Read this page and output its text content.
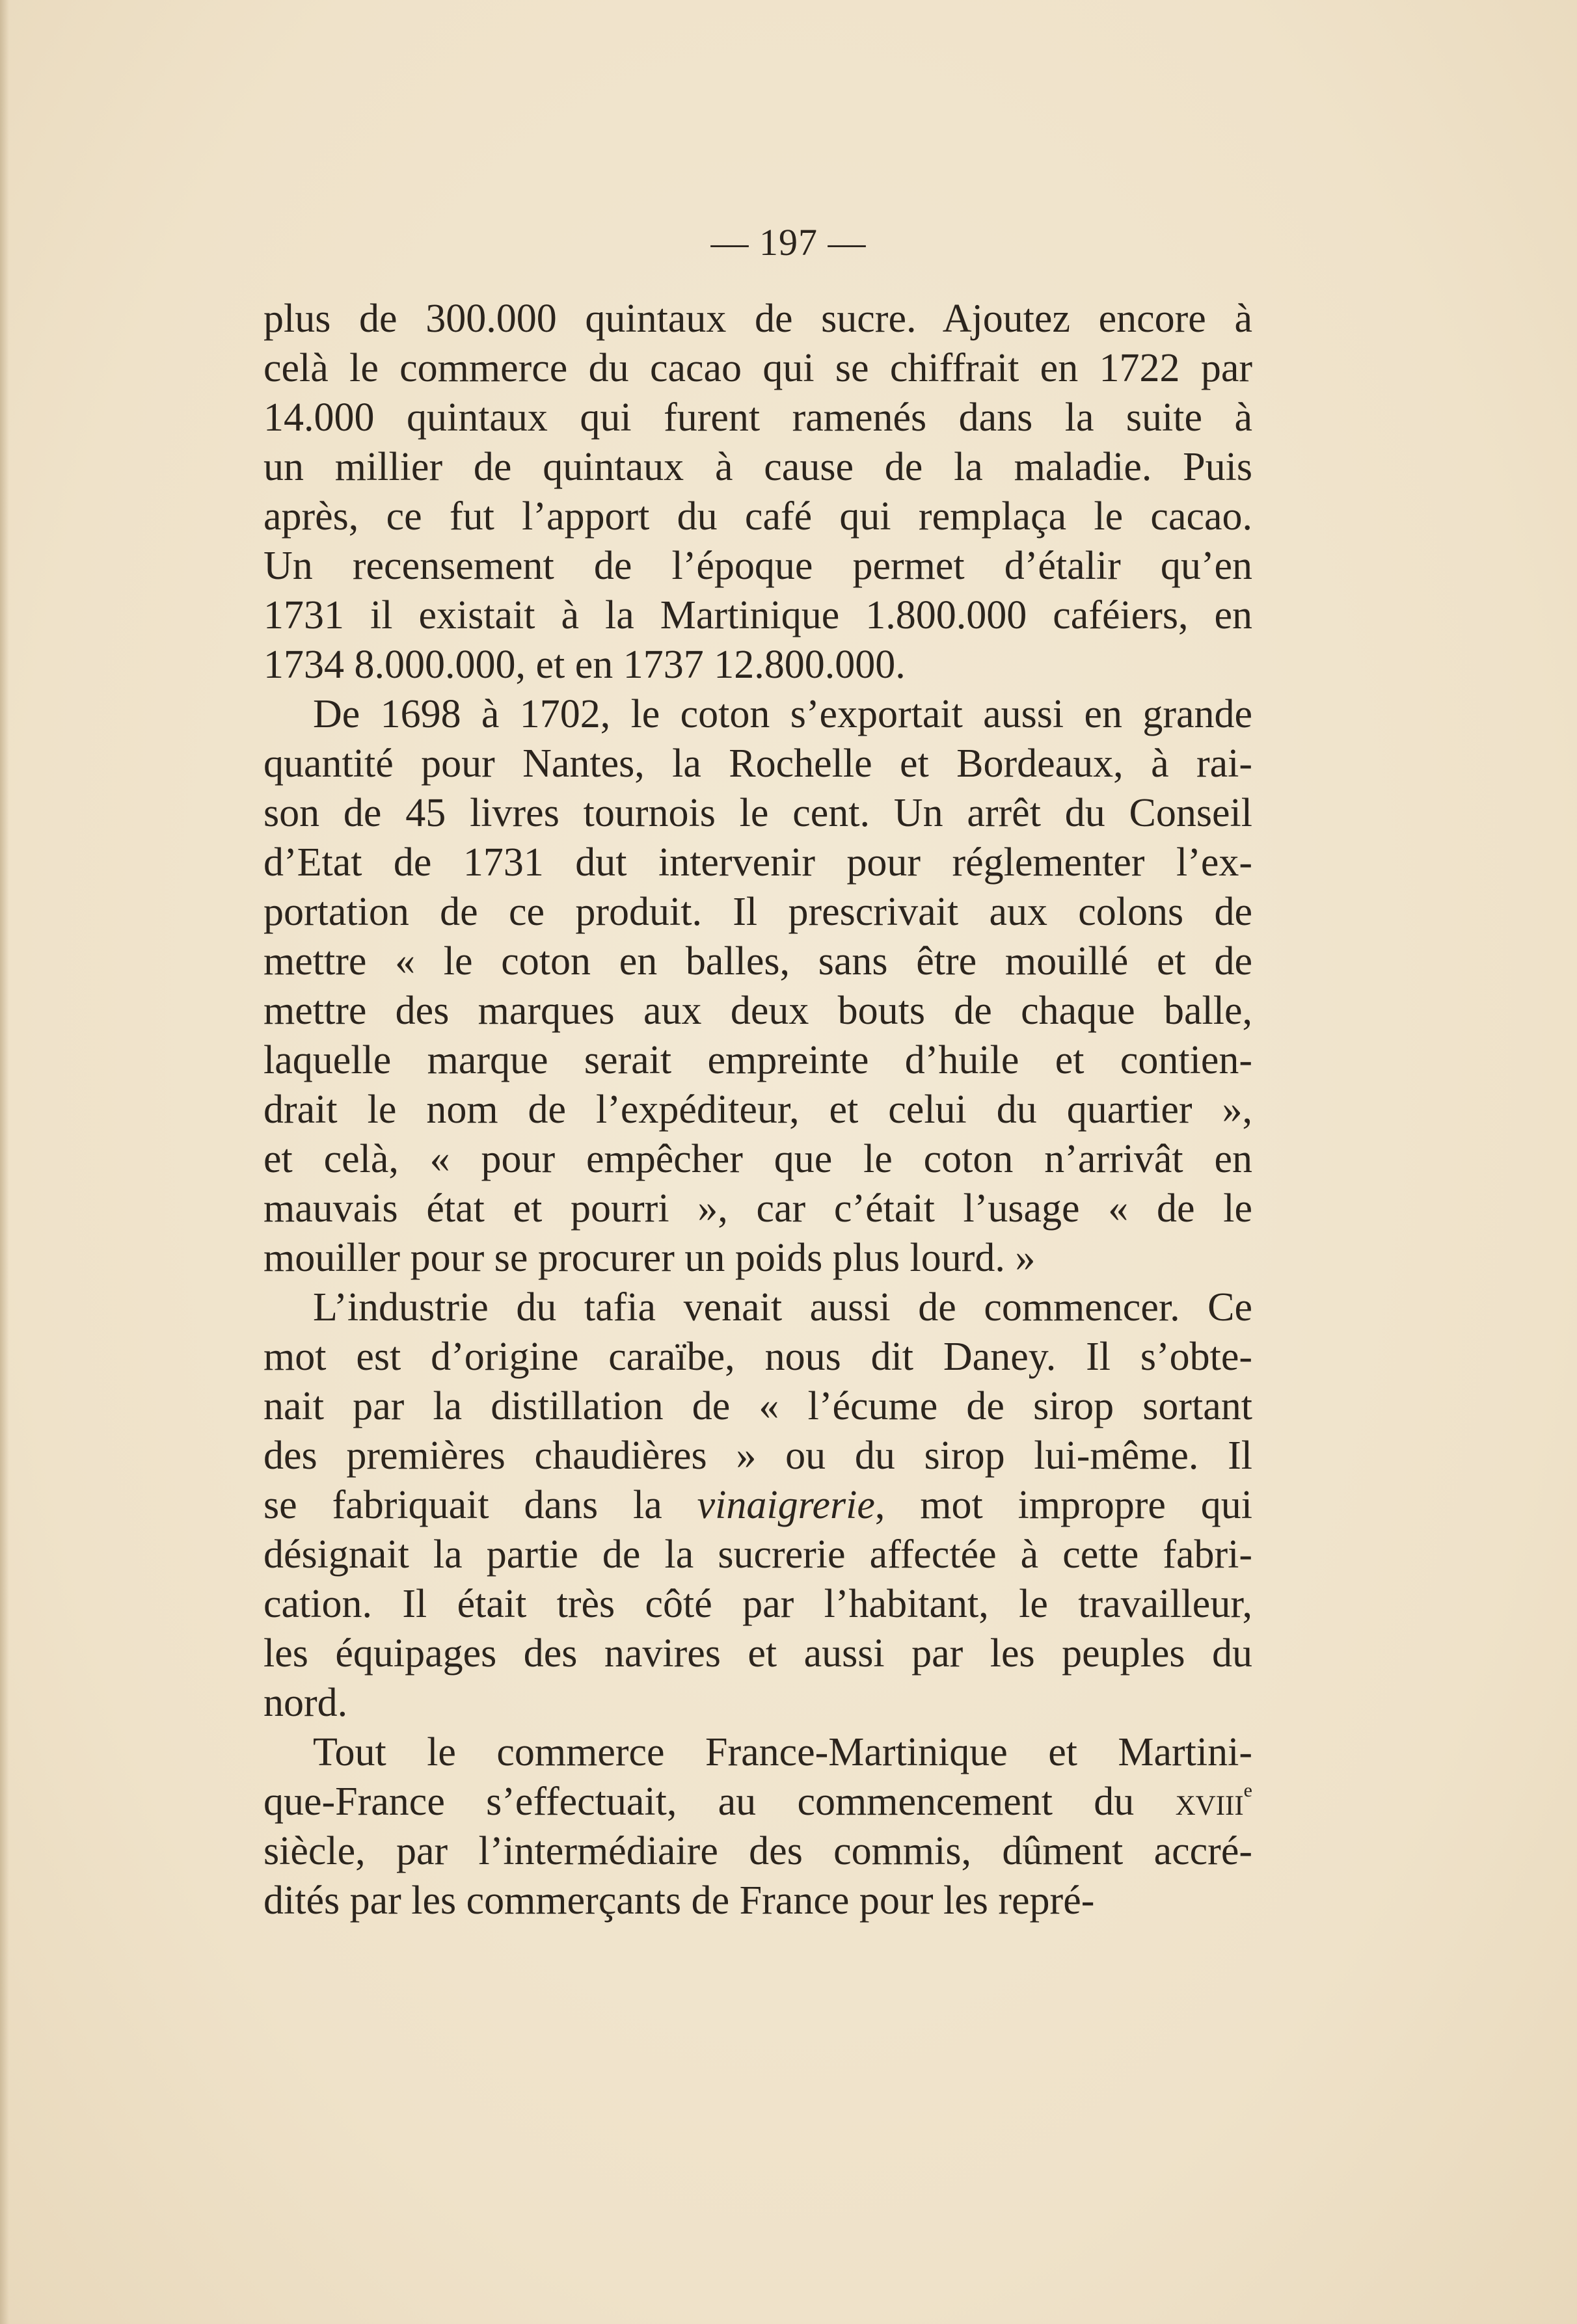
— 197 —
plus de 300.000 quintaux de sucre. Ajoutez encore à
celà le commerce du cacao qui se chiffrait en 1722 par
14.000 quintaux qui furent ramenés dans la suite à
un millier de quintaux à cause de la maladie. Puis
après, ce fut l’apport du café qui remplaça le cacao.
Un recensement de l’époque permet d’étalir qu’en
1731 il existait à la Martinique 1.800.000 caféiers, en
1734 8.000.000, et en 1737 12.800.000.
De 1698 à 1702, le coton s’exportait aussi en grande
quantité pour Nantes, la Rochelle et Bordeaux, à rai-
son de 45 livres tournois le cent. Un arrêt du Conseil
d’Etat de 1731 dut intervenir pour réglementer l’ex-
portation de ce produit. Il prescrivait aux colons de
mettre « le coton en balles, sans être mouillé et de
mettre des marques aux deux bouts de chaque balle,
laquelle marque serait empreinte d’huile et contien-
drait le nom de l’expéditeur, et celui du quartier »,
et celà, « pour empêcher que le coton n’arrivât en
mauvais état et pourri », car c’était l’usage « de le
mouiller pour se procurer un poids plus lourd. »
L’industrie du tafia venait aussi de commencer. Ce
mot est d’origine caraïbe, nous dit Daney. Il s’obte-
nait par la distillation de « l’écume de sirop sortant
des premières chaudières » ou du sirop lui-même. Il
se fabriquait dans la vinaigrerie, mot impropre qui
désignait la partie de la sucrerie affectée à cette fabri-
cation. Il était très côté par l’habitant, le travailleur,
les équipages des navires et aussi par les peuples du
nord.
Tout le commerce France-Martinique et Martini-
que-France s’effectuait, au commencement du xviii$^e$
siècle, par l’intermédiaire des commis, dûment accré-
dités par les commerçants de France pour les repré-
